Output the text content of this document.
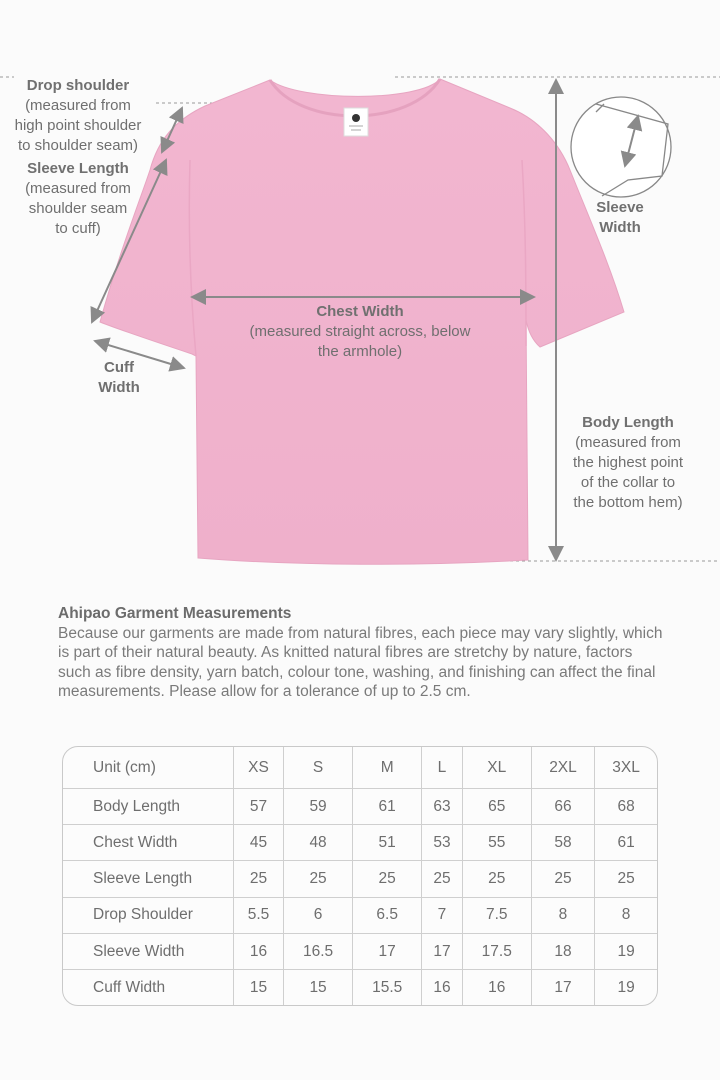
Drop shoulder
(measured from
high point shoulder
to shoulder seam)
Sleeve Length
(measured from
shoulder seam
to cuff)
Cuff
Width
Sleeve
Width
Chest Width
(measured straight across, below
the armhole)
Body Length
(measured from
the highest point
of the collar to
the bottom hem)
Ahipao Garment Measurements
Because our garments are made from natural fibres, each piece may vary slightly, which is part of their natural beauty. As knitted natural fibres are stretchy by nature, factors such as fibre density, yarn batch, colour tone, washing, and finishing can affect the final measurements. Please allow for a tolerance of up to 2.5 cm.
Unit (cm)	XS	S	M	L	XL	2XL	3XL
Body Length	57	59	61	63	65	66	68
Chest Width	45	48	51	53	55	58	61
Sleeve Length	25	25	25	25	25	25	25
Drop Shoulder	5.5	6	6.5	7	7.5	8	8
Sleeve Width	16	16.5	17	17	17.5	18	19
Cuff Width	15	15	15.5	16	16	17	19
